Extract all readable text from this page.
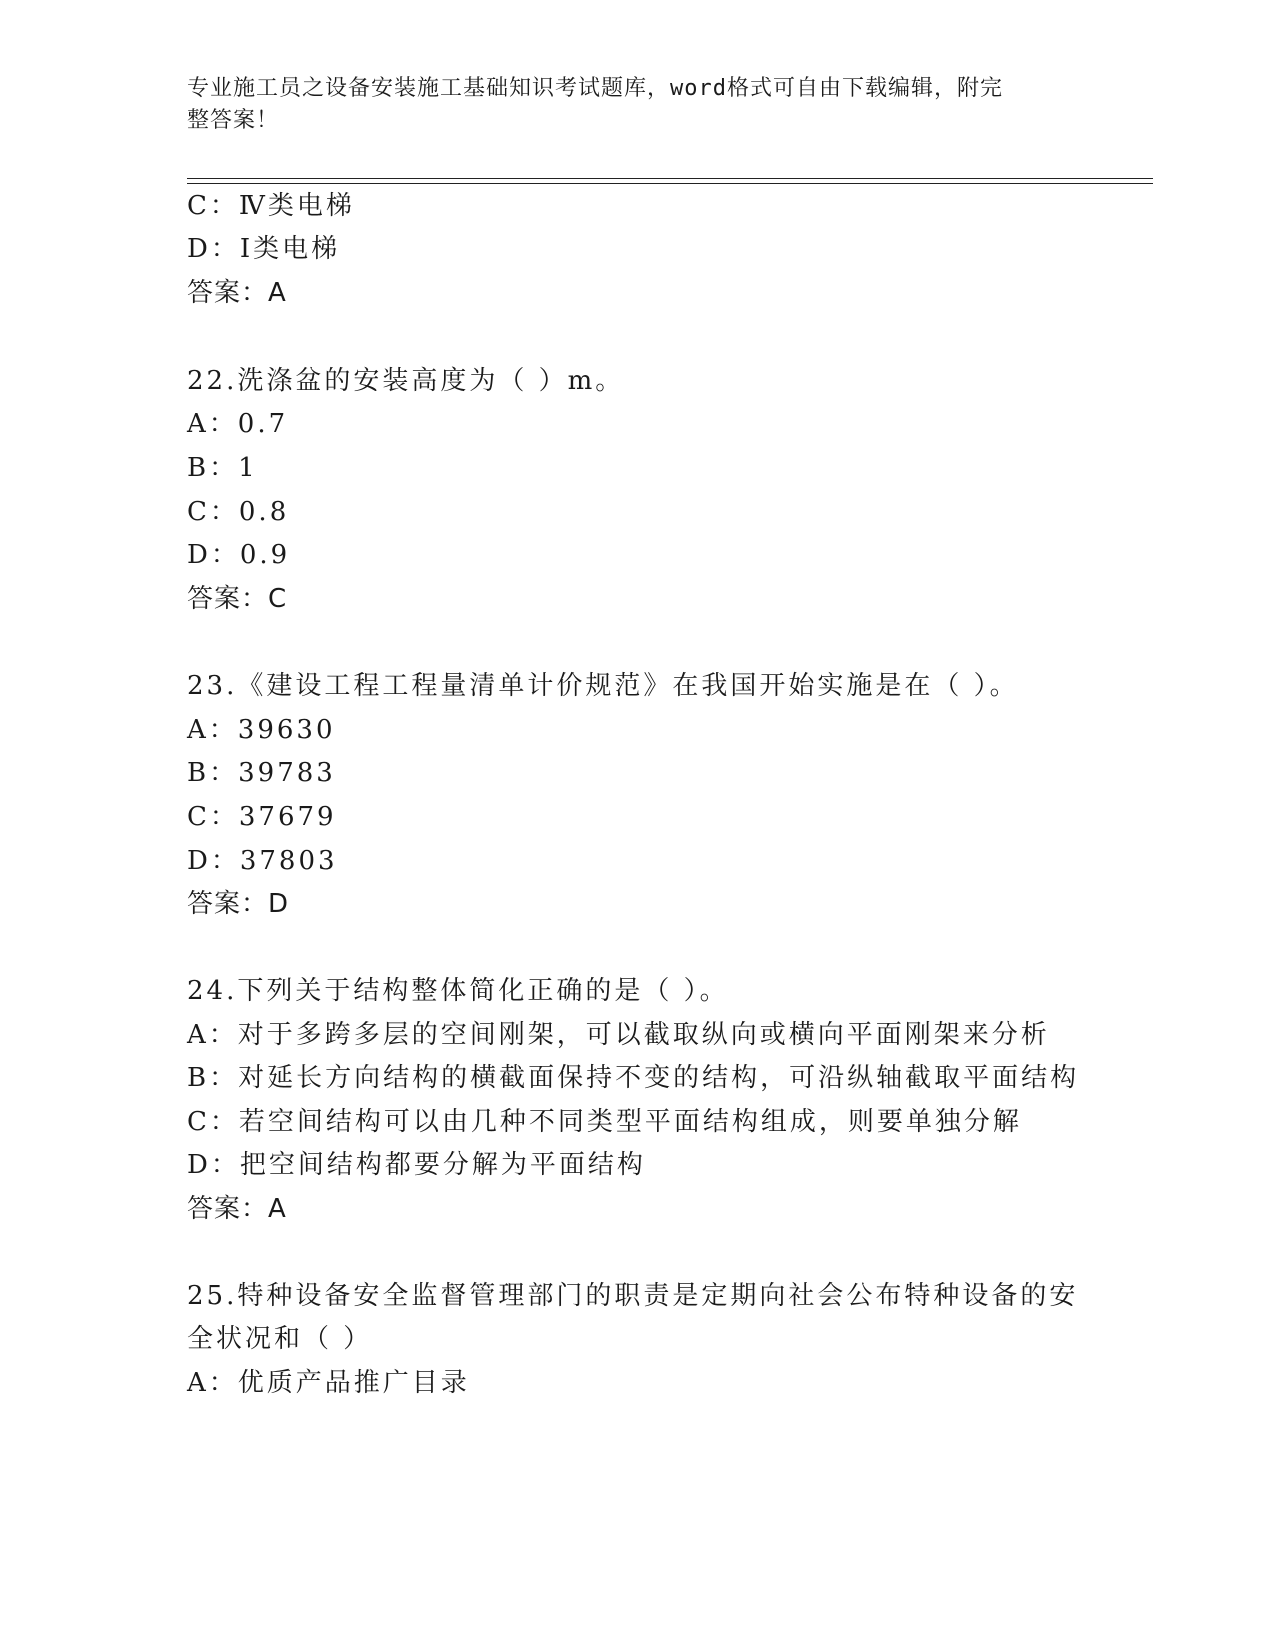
专业施工员之设备安装施工基础知识考试题库，word格式可自由下载编辑，附完
整答案！
C：Ⅳ类电梯
D：Ⅰ类电梯
答案：A
22.洗涤盆的安装高度为（ ）m。
A：0.7
B：1
C：0.8
D：0.9
答案：C
23.《建设工程工程量清单计价规范》在我国开始实施是在（ ）。
A：39630
B：39783
C：37679
D：37803
答案：D
24.下列关于结构整体简化正确的是（ ）。
A：对于多跨多层的空间刚架，可以截取纵向或横向平面刚架来分析
B：对延长方向结构的横截面保持不变的结构，可沿纵轴截取平面结构
C：若空间结构可以由几种不同类型平面结构组成，则要单独分解
D：把空间结构都要分解为平面结构
答案：A
25.特种设备安全监督管理部门的职责是定期向社会公布特种设备的安
全状况和（ ）
A：优质产品推广目录
